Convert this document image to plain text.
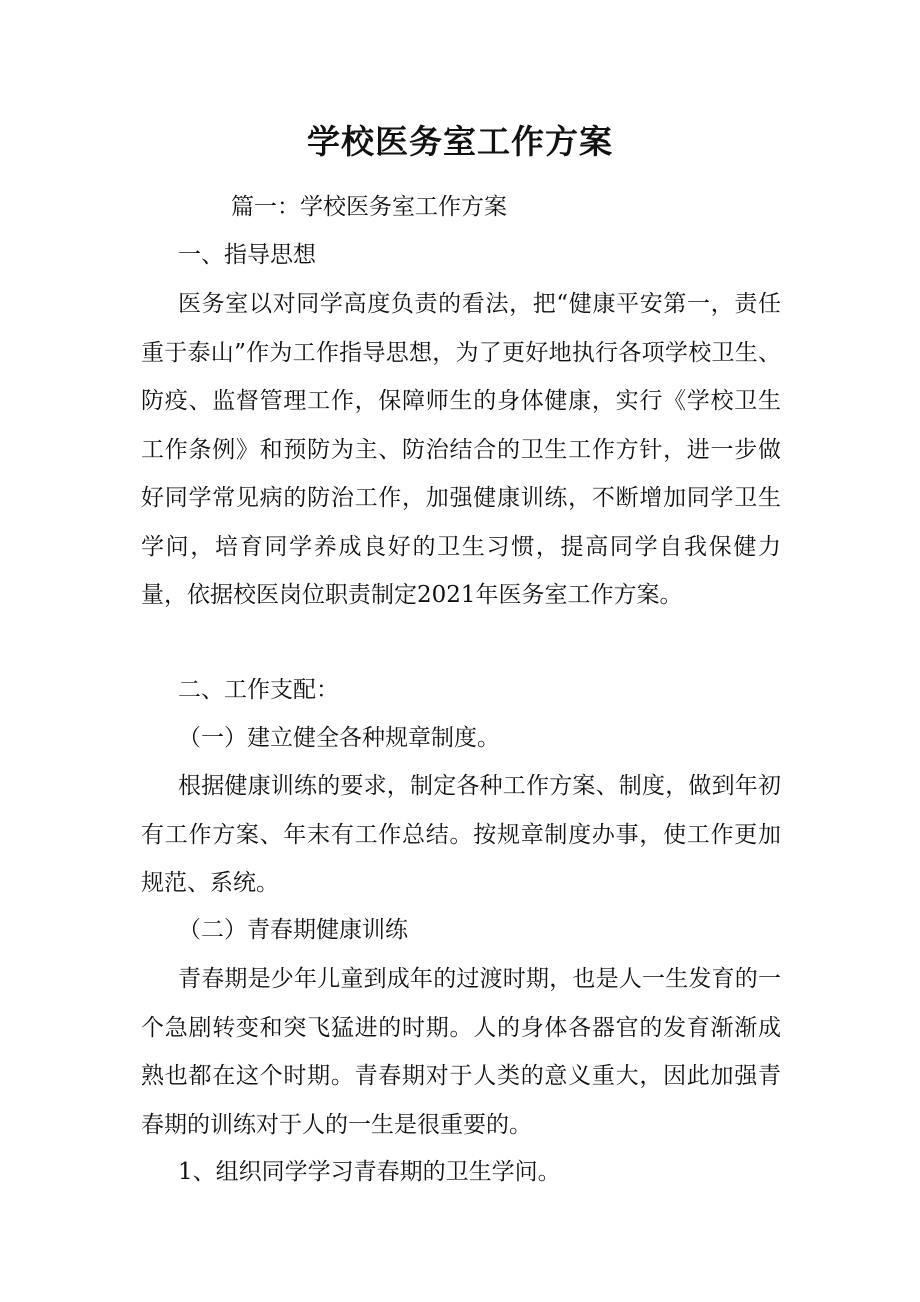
学校医务室工作方案
篇一：学校医务室工作方案
一、指导思想

医务室以对同学高度负责的看法，把“健康平安第一，责任重于泰山”作为工作指导思想，为了更好地执行各项学校卫生、防疫、监督管理工作，保障师生的身体健康，实行《学校卫生工作条例》和预防为主、防治结合的卫生工作方针，进一步做好同学常见病的防治工作，加强健康训练，不断增加同学卫生学问，培育同学养成良好的卫生习惯，提高同学自我保健力量，依据校医岗位职责制定2021年医务室工作方案。

二、工作支配：
（一）建立健全各种规章制度。

根据健康训练的要求，制定各种工作方案、制度，做到年初有工作方案、年末有工作总结。按规章制度办事，使工作更加规范、系统。

（二）青春期健康训练

青春期是少年儿童到成年的过渡时期，也是人一生发育的一个急剧转变和突飞猛进的时期。人的身体各器官的发育渐渐成熟也都在这个时期。青春期对于人类的意义重大，因此加强青春期的训练对于人的一生是很重要的。

1、组织同学学习青春期的卫生学问。
